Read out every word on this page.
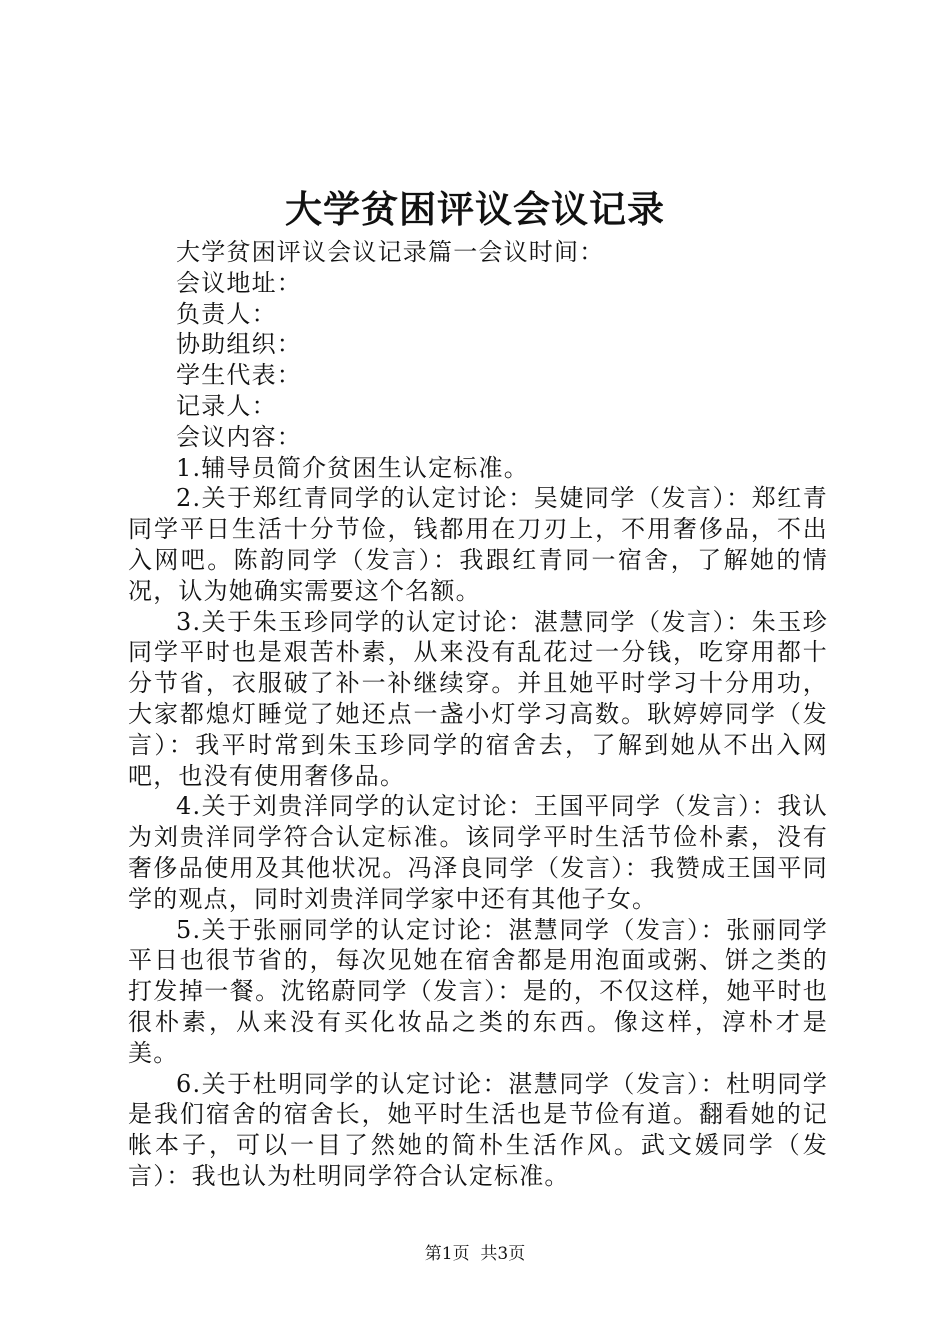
大学贫困评议会议记录

大学贫困评议会议记录篇一会议时间：

会议地址：

负责人：

协助组织：

学生代表：

记录人：

会议内容：

1.辅导员简介贫困生认定标准。

2.关于郑红青同学的认定讨论：吴婕同学（发言）：郑红青同学平日生活十分节俭，钱都用在刀刃上，不用奢侈品，不出入网吧。陈韵同学（发言）：我跟红青同一宿舍，了解她的情况，认为她确实需要这个名额。

3.关于朱玉珍同学的认定讨论：湛慧同学（发言）：朱玉珍同学平时也是艰苦朴素，从来没有乱花过一分钱，吃穿用都十分节省，衣服破了补一补继续穿。并且她平时学习十分用功，大家都熄灯睡觉了她还点一盏小灯学习高数。耿婷婷同学（发言）：我平时常到朱玉珍同学的宿舍去，了解到她从不出入网吧，也没有使用奢侈品。

4.关于刘贵洋同学的认定讨论：王国平同学（发言）：我认为刘贵洋同学符合认定标准。该同学平时生活节俭朴素，没有奢侈品使用及其他状况。冯泽良同学（发言）：我赞成王国平同学的观点，同时刘贵洋同学家中还有其他子女。

5.关于张丽同学的认定讨论：湛慧同学（发言）：张丽同学平日也很节省的，每次见她在宿舍都是用泡面或粥、饼之类的打发掉一餐。沈铭蔚同学（发言）：是的，不仅这样，她平时也很朴素，从来没有买化妆品之类的东西。像这样，淳朴才是美。

6.关于杜明同学的认定讨论：湛慧同学（发言）：杜明同学是我们宿舍的宿舍长，她平时生活也是节俭有道。翻看她的记帐本子，可以一目了然她的简朴生活作风。武文媛同学（发言）：我也认为杜明同学符合认定标准。

第1页 共3页
